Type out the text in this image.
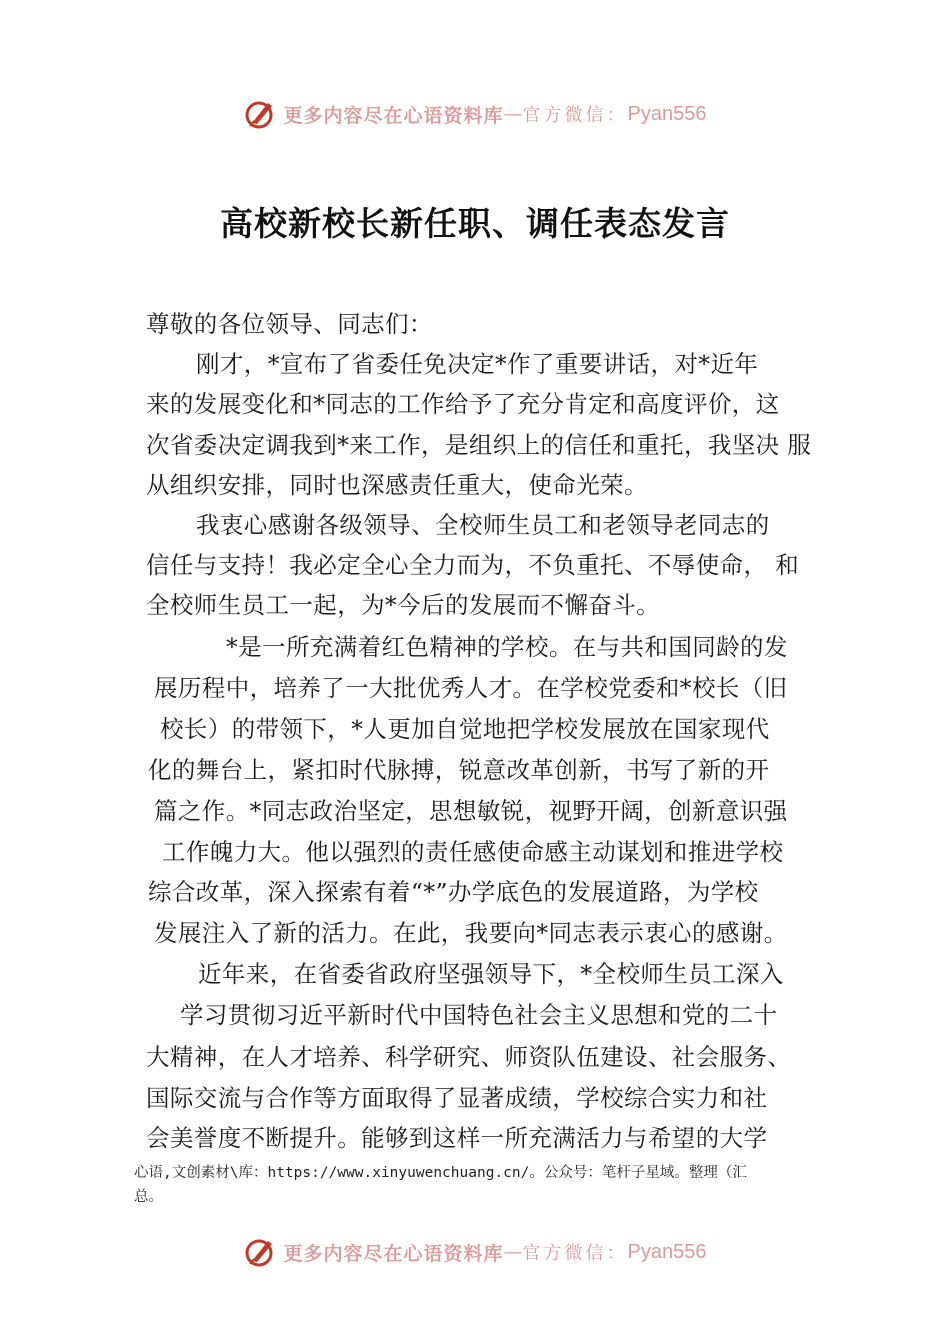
更多内容尽在心语资料库 — 官方微信： Pyan556
高校新校长新任职、调任表态发言
尊敬的各位领导、同志们：
刚才，*宣布了省委任免决定*作了重要讲话，对*近年
来的发展变化和*同志的工作给予了充分肯定和高度评价，这
次省委决定调我到*来工作，是组织上的信任和重托，我坚决 服
从组织安排，同时也深感责任重大，使命光荣。
我衷心感谢各级领导、全校师生员工和老领导老同志的
信任与支持！我必定全心全力而为，不负重托、不辱使命， 和
全校师生员工一起，为*今后的发展而不懈奋斗。
*是一所充满着红色精神的学校。在与共和国同龄的发
展历程中，培养了一大批优秀人才。在学校党委和*校长（旧
校长）的带领下，*人更加自觉地把学校发展放在国家现代
化的舞台上，紧扣时代脉搏，锐意改革创新，书写了新的开
篇之作。*同志政治坚定，思想敏锐，视野开阔，创新意识强
工作魄力大。他以强烈的责任感使命感主动谋划和推进学校
综合改革，深入探索有着“*”办学底色的发展道路，为学校
发展注入了新的活力。在此，我要向*同志表示衷心的感谢。
近年来，在省委省政府坚强领导下，*全校师生员工深入
学习贯彻习近平新时代中国特色社会主义思想和党的二十
大精神，在人才培养、科学研究、师资队伍建设、社会服务、
国际交流与合作等方面取得了显著成绩，学校综合实力和社
会美誉度不断提升。能够到这样一所充满活力与希望的大学
心语,文创素材\库：https://www.xinyuwenchuang.cn/。公众号：笔杆子星域。整理（汇
总。
更多内容尽在心语资料库 — 官方微信： Pyan556
